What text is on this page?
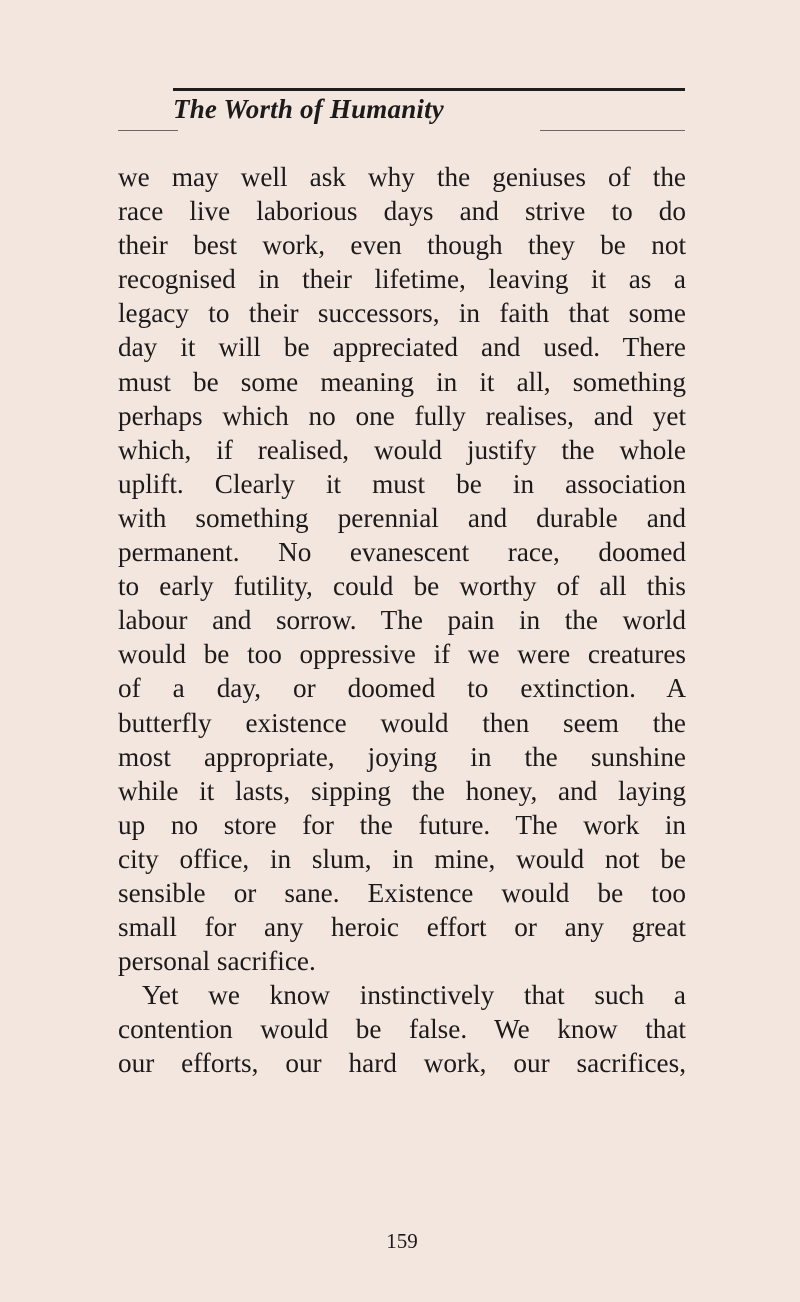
The Worth of Humanity
we may well ask why the geniuses of the
race live laborious days and strive to do
their best work, even though they be not
recognised in their lifetime, leaving it as a
legacy to their successors, in faith that some
day it will be appreciated and used. There
must be some meaning in it all, something
perhaps which no one fully realises, and yet
which, if realised, would justify the whole
uplift. Clearly it must be in association
with something perennial and durable and
permanent. No evanescent race, doomed
to early futility, could be worthy of all this
labour and sorrow. The pain in the world
would be too oppressive if we were creatures
of a day, or doomed to extinction. A
butterfly existence would then seem the
most appropriate, joying in the sunshine
while it lasts, sipping the honey, and laying
up no store for the future. The work in
city office, in slum, in mine, would not be
sensible or sane. Existence would be too
small for any heroic effort or any great
personal sacrifice.
Yet we know instinctively that such a
contention would be false. We know that
our efforts, our hard work, our sacrifices,
159
